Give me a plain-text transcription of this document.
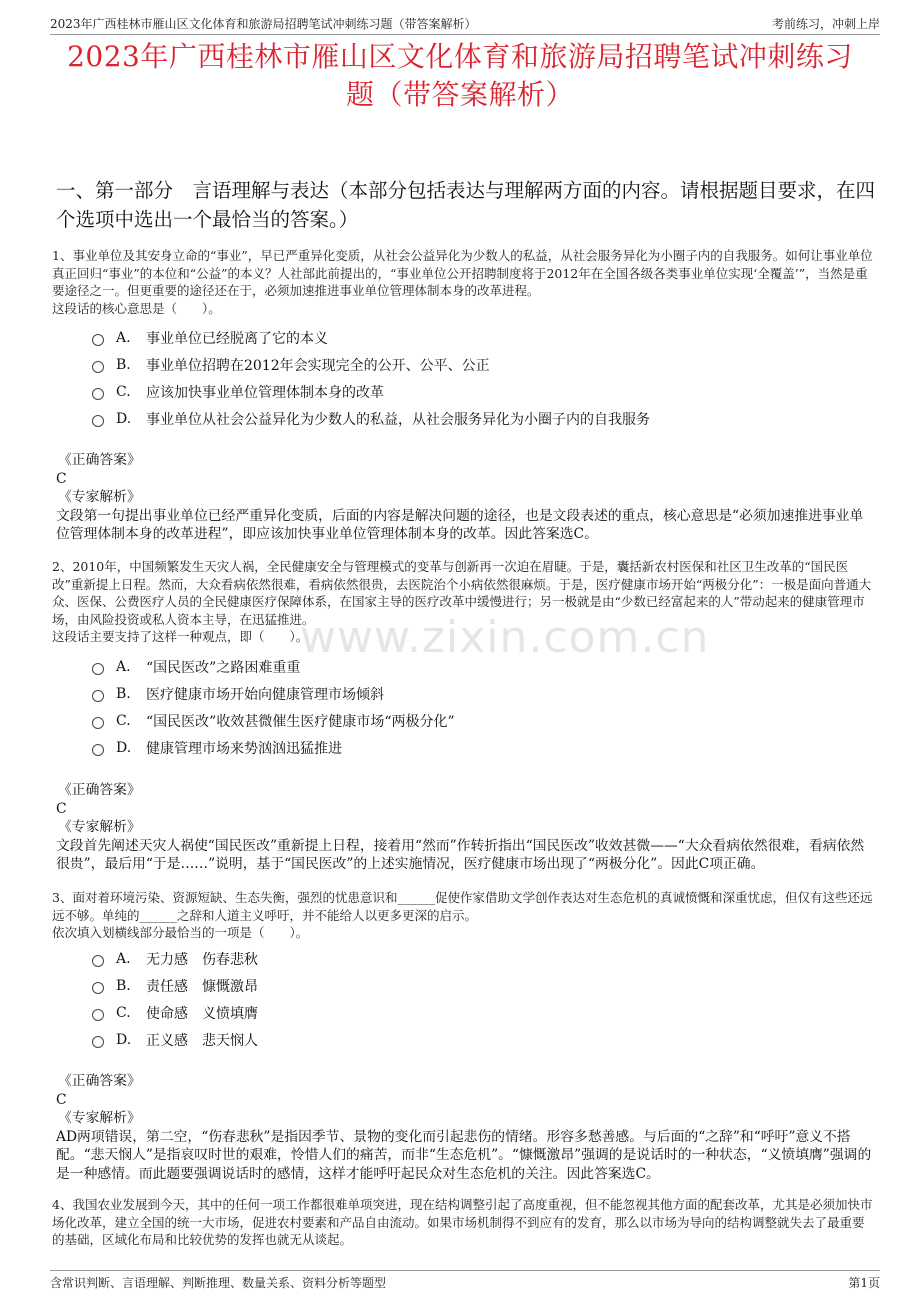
2023年广西桂林市雁山区文化体育和旅游局招聘笔试冲刺练习题（带答案解析）	考前练习，冲刺上岸
2023年广西桂林市雁山区文化体育和旅游局招聘笔试冲刺练习
题（带答案解析）
一、第一部分　言语理解与表达（本部分包括表达与理解两方面的内容。请根据题目要求，在四个选项中选出一个最恰当的答案。）

1、事业单位及其安身立命的“事业”，早已严重异化变质，从社会公益异化为少数人的私益，从社会服务异化为小圈子内的自我服务。如何让事业单位真正回归“事业”的本位和“公益”的本义？人社部此前提出的，“事业单位公开招聘制度将于2012年在全国各级各类事业单位实现‘全覆盖’”，当然是重要途径之一。但更重要的途径还在于，必须加速推进事业单位管理体制本身的改革进程。

这段话的核心意思是（　　）。

A.	事业单位已经脱离了它的本义
B.	事业单位招聘在2012年会实现完全的公开、公平、公正
C.	应该加快事业单位管理体制本身的改革
D.	事业单位从社会公益异化为少数人的私益，从社会服务异化为小圈子内的自我服务
《正确答案》
C
《专家解析》
文段第一句提出事业单位已经严重异化变质，后面的内容是解决问题的途径，也是文段表述的重点，核心意思是“必须加速推进事业单位管理体制本身的改革进程”，即应该加快事业单位管理体制本身的改革。因此答案选C。

2、2010年，中国频繁发生天灾人祸，全民健康安全与管理模式的变革与创新再一次迫在眉睫。于是，囊括新农村医保和社区卫生改革的“国民医改”重新提上日程。然而，大众看病依然很难，看病依然很贵，去医院治个小病依然很麻烦。于是，医疗健康市场开始“两极分化”：一极是面向普通大众、医保、公费医疗人员的全民健康医疗保障体系，在国家主导的医疗改革中缓慢进行；另一极就是由“少数已经富起来的人”带动起来的健康管理市场，由风险投资或私人资本主导，在迅猛推进。

这段话主要支持了这样一种观点，即（　　）。

A.	“国民医改”之路困难重重
B.	医疗健康市场开始向健康管理市场倾斜
C.	“国民医改”收效甚微催生医疗健康市场“两极分化”
D.	健康管理市场来势汹汹迅猛推进
《正确答案》
C
《专家解析》
文段首先阐述天灾人祸使“国民医改”重新提上日程，接着用“然而”作转折指出“国民医改”收效甚微——“大众看病依然很难，看病依然很贵”，最后用“于是……”说明，基于“国民医改”的上述实施情况，医疗健康市场出现了“两极分化”。因此C项正确。

3、面对着环境污染、资源短缺、生态失衡，强烈的忧患意识和______促使作家借助文学创作表达对生态危机的真诚愤慨和深重忧虑，但仅有这些还远远不够。单纯的______之辞和人道主义呼吁，并不能给人以更多更深的启示。

依次填入划横线部分最恰当的一项是（　　）。

A.	无力感　伤春悲秋
B.	责任感　慷慨激昂
C.	使命感　义愤填膺
D.	正义感　悲天悯人
《正确答案》
C
《专家解析》
AD两项错误，第二空，“伤春悲秋”是指因季节、景物的变化而引起悲伤的情绪。形容多愁善感。与后面的“之辞”和“呼吁”意义不搭配。“悲天悯人”是指哀叹时世的艰难，怜惜人们的痛苦，而非“生态危机”。“慷慨激昂”强调的是说话时的一种状态，“义愤填膺”强调的是一种感情。而此题要强调说话时的感情，这样才能呼吁起民众对生态危机的关注。因此答案选C。

4、我国农业发展到今天，其中的任何一项工作都很难单项突进，现在结构调整引起了高度重视，但不能忽视其他方面的配套改革，尤其是必须加快市场化改革，建立全国的统一大市场，促进农村要素和产品自由流动。如果市场机制得不到应有的发育，那么以市场为导向的结构调整就失去了最重要的基础，区域化布局和比较优势的发挥也就无从谈起。

www.zixin.com.cn
含常识判断、言语理解、判断推理、数量关系、资料分析等题型	第1页
